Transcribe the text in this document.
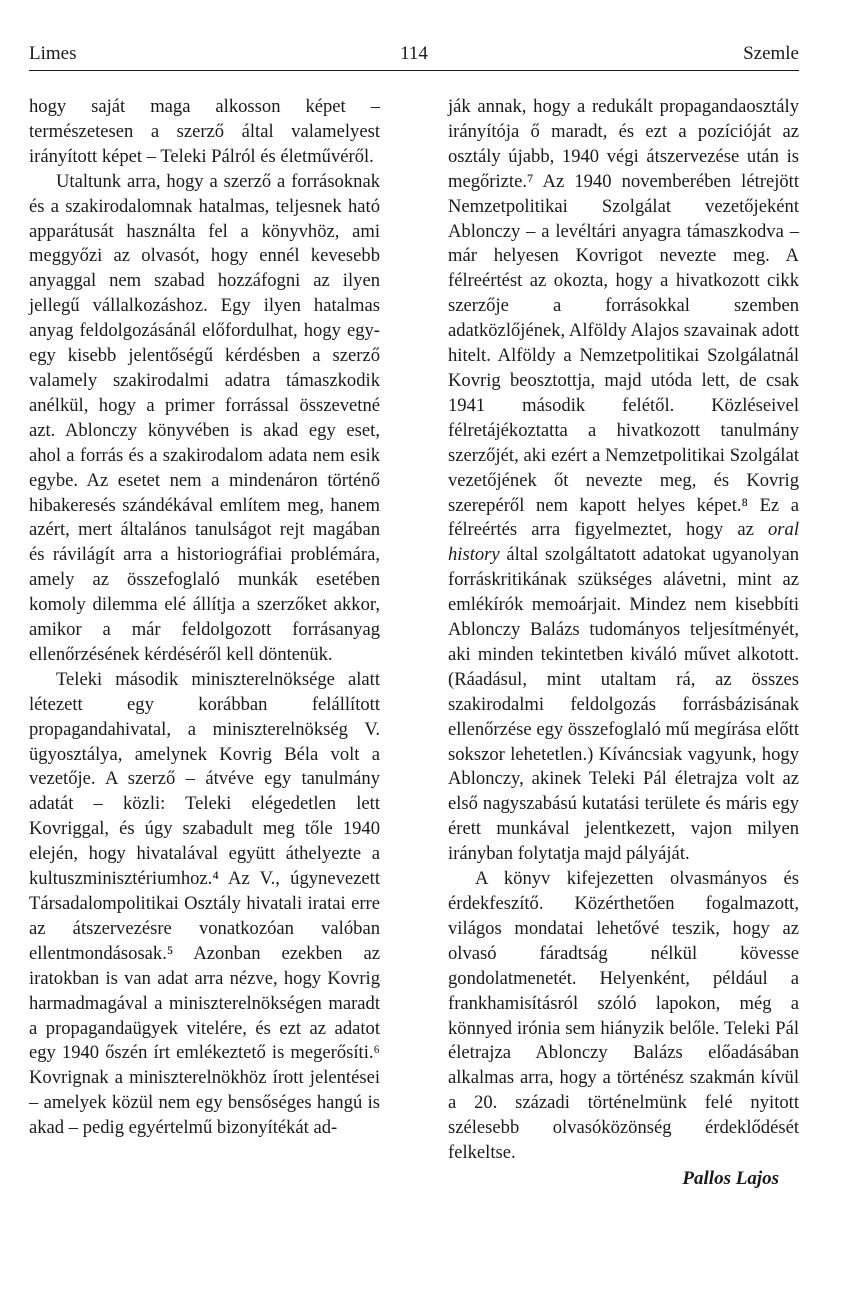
Limes	114	Szemle

hogy saját maga alkosson képet – természetesen a szerző által valamelyest irányított képet – Teleki Pálról és életművéről.

Utaltunk arra, hogy a szerző a forrásoknak és a szakirodalomnak hatalmas, teljesnek ható apparátusát használta fel a könyvhöz, ami meggyőzi az olvasót, hogy ennél kevesebb anyaggal nem szabad hozzáfogni az ilyen jellegű vállalkozáshoz. Egy ilyen hatalmas anyag feldolgozásánál előfordulhat, hogy egy-egy kisebb jelentőségű kérdésben a szerző valamely szakirodalmi adatra támaszkodik anélkül, hogy a primer forrással összevetné azt. Ablonczy könyvében is akad egy eset, ahol a forrás és a szakirodalom adata nem esik egybe. Az esetet nem a mindenáron történő hibakeresés szándékával említem meg, hanem azért, mert általános tanulságot rejt magában és rávilágít arra a historiográfiai problémára, amely az összefoglaló munkák esetében komoly dilemma elé állítja a szerzőket akkor, amikor a már feldolgozott forrásanyag ellenőrzésének kérdéséről kell döntenük.

Teleki második miniszterelnöksége alatt létezett egy korábban felállított propagandahivatal, a miniszterelnökség V. ügyosztálya, amelynek Kovrig Béla volt a vezetője. A szerző – átvéve egy tanulmány adatát – közli: Teleki elégedetlen lett Kovriggal, és úgy szabadult meg tőle 1940 elején, hogy hivatalával együtt áthelyezte a kultuszminisztériumhoz.⁴ Az V., úgynevezett Társadalompolitikai Osztály hivatali iratai erre az átszervezésre vonatkozóan valóban ellentmondásosak.⁵ Azonban ezekben az iratokban is van adat arra nézve, hogy Kovrig harmadmagával a miniszterelnökségen maradt a propagandaügyek vitelére, és ezt az adatot egy 1940 őszén írt emlékeztető is megerősíti.⁶ Kovrignak a miniszterelnökhöz írott jelentései – amelyek közül nem egy bensőséges hangú is akad – pedig egyértelmű bizonyítékát ad-

ják annak, hogy a redukált propagandaosztály irányítója ő maradt, és ezt a pozícióját az osztály újabb, 1940 végi átszervezése után is megőrizte.⁷ Az 1940 novemberében létrejött Nemzetpolitikai Szolgálat vezetőjeként Ablonczy – a levéltári anyagra támaszkodva – már helyesen Kovrigot nevezte meg. A félreértést az okozta, hogy a hivatkozott cikk szerzője a forrásokkal szemben adatközlőjének, Alföldy Alajos szavainak adott hitelt. Alföldy a Nemzetpolitikai Szolgálatnál Kovrig beosztottja, majd utóda lett, de csak 1941 második felétől. Közléseivel félretájékoztatta a hivatkozott tanulmány szerzőjét, aki ezért a Nemzetpolitikai Szolgálat vezetőjének őt nevezte meg, és Kovrig szerepéről nem kapott helyes képet.⁸ Ez a félreértés arra figyelmeztet, hogy az oral history által szolgáltatott adatokat ugyanolyan forráskritikának szükséges alávetni, mint az emlékírók memoárjait. Mindez nem kisebbíti Ablonczy Balázs tudományos teljesítményét, aki minden tekintetben kiváló művet alkotott. (Ráadásul, mint utaltam rá, az összes szakirodalmi feldolgozás forrásbázisának ellenőrzése egy összefoglaló mű megírása előtt sokszor lehetetlen.) Kíváncsiak vagyunk, hogy Ablonczy, akinek Teleki Pál életrajza volt az első nagyszabású kutatási területe és máris egy érett munkával jelentkezett, vajon milyen irányban folytatja majd pályáját.

A könyv kifejezetten olvasmányos és érdekfeszítő. Közérthetően fogalmazott, világos mondatai lehetővé teszik, hogy az olvasó fáradtság nélkül kövesse gondolatmenetét. Helyenként, például a frankhamisításról szóló lapokon, még a könnyed irónia sem hiányzik belőle. Teleki Pál életrajza Ablonczy Balázs előadásában alkalmas arra, hogy a történész szakmán kívül a 20. századi történelmünk felé nyitott szélesebb olvasóközönség érdeklődését felkeltse.

Pallos Lajos
